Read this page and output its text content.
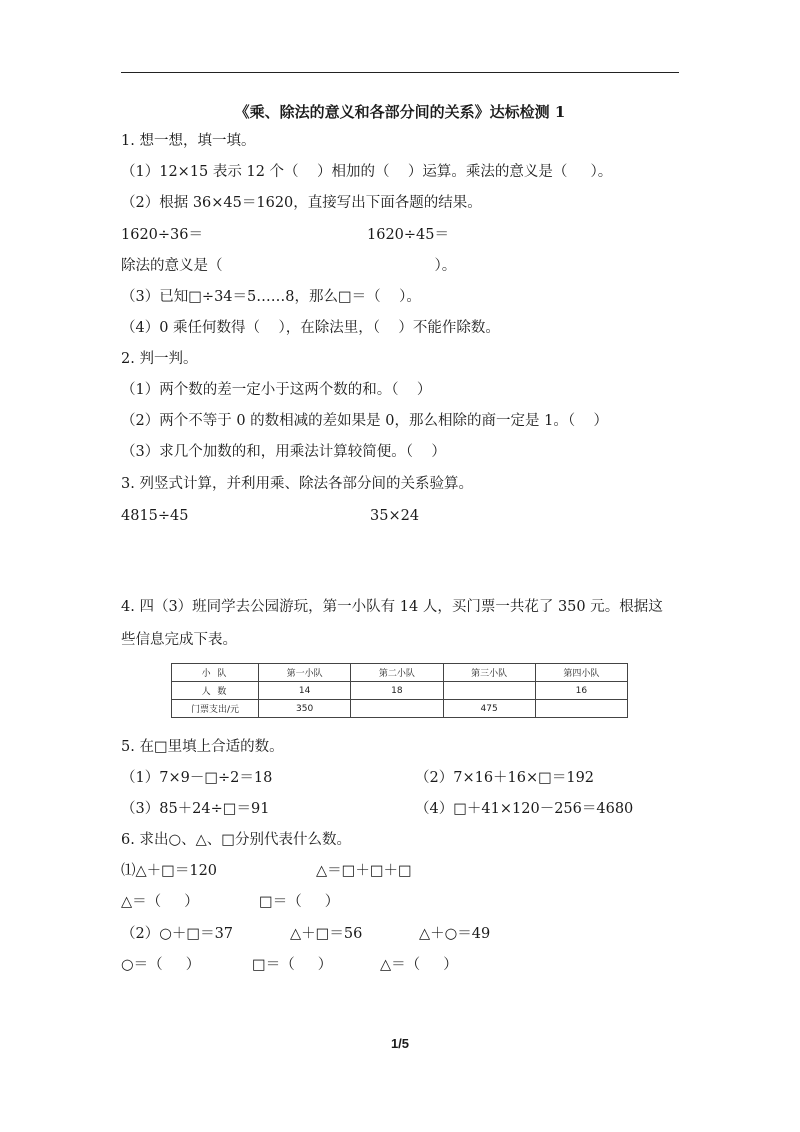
《乘、除法的意义和各部分间的关系》达标检测 1
1. 想一想，填一填。
（1）12×15 表示 12 个（    ）相加的（    ）运算。乘法的意义是（     ）。
（2）根据 36×45＝1620，直接写出下面各题的结果。
1620÷36＝	1620÷45＝
除法的意义是（                                              ）。
（3）已知□÷34＝5……8，那么□＝（    ）。
（4）0 乘任何数得（    ），在除法里，（    ）不能作除数。
2. 判一判。
（1）两个数的差一定小于这两个数的和。（    ）
（2）两个不等于 0 的数相减的差如果是 0，那么相除的商一定是 1。（    ）
（3）求几个加数的和，用乘法计算较简便。（    ）
3. 列竖式计算，并利用乘、除法各部分间的关系验算。
4815÷45	35×24
4. 四（3）班同学去公园游玩，第一小队有 14 人，买门票一共花了 350 元。根据这
些信息完成下表。
小 队	第一小队	第二小队	第三小队	第四小队
人 数	14	18		16
门票支出/元	350		475	
5. 在□里填上合适的数。
（1）7×9－□÷2＝18	（2）7×16＋16×□＝192
（3）85＋24÷□＝91	（4）□＋41×120－256＝4680
6. 求出○、△、□分别代表什么数。
⑴△＋□＝120	△＝□＋□＋□
△＝（     ）	□＝（     ）
（2）○＋□＝37	△＋□＝56	△＋○＝49
○＝（     ）	□＝（     ）	△＝（     ）
1/5
